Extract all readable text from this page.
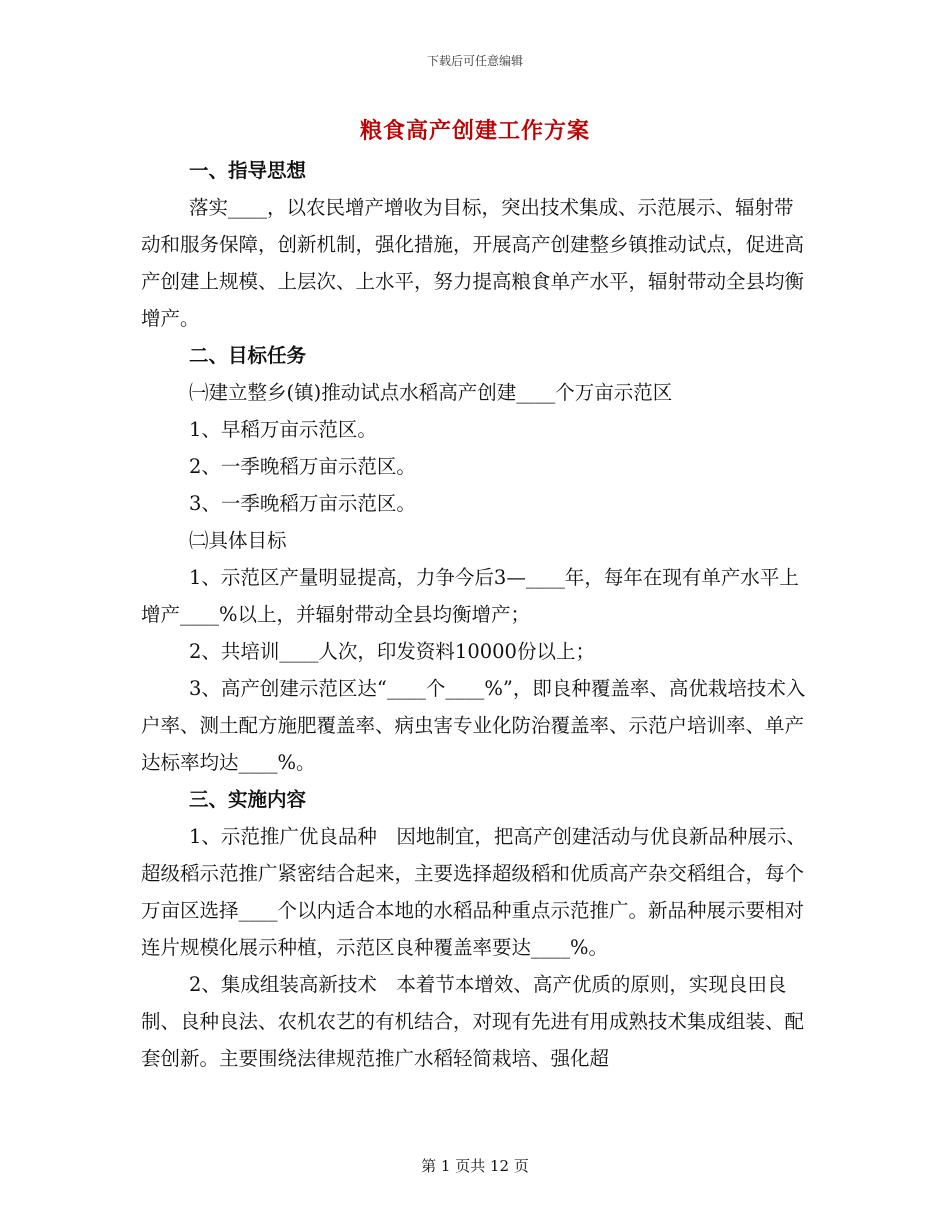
下载后可任意编辑
粮食高产创建工作方案

一、指导思想

落实____，以农民增产增收为目标，突出技术集成、示范展示、辐射带动和服务保障，创新机制，强化措施，开展高产创建整乡镇推动试点，促进高产创建上规模、上层次、上水平，努力提高粮食单产水平，辐射带动全县均衡增产。

二、目标任务

㈠建立整乡(镇)推动试点水稻高产创建____个万亩示范区

1、早稻万亩示范区。

2、一季晚稻万亩示范区。

3、一季晚稻万亩示范区。

㈡具体目标

1、示范区产量明显提高，力争今后3—____年，每年在现有单产水平上增产____%以上，并辐射带动全县均衡增产；

2、共培训____人次，印发资料10000份以上；

3、高产创建示范区达“____个____%”，即良种覆盖率、高优栽培技术入户率、测土配方施肥覆盖率、病虫害专业化防治覆盖率、示范户培训率、单产达标率均达____%。

三、实施内容

1、示范推广优良品种　因地制宜，把高产创建活动与优良新品种展示、超级稻示范推广紧密结合起来，主要选择超级稻和优质高产杂交稻组合，每个万亩区选择____个以内适合本地的水稻品种重点示范推广。新品种展示要相对连片规模化展示种植，示范区良种覆盖率要达____%。

2、集成组装高新技术　本着节本增效、高产优质的原则，实现良田良制、良种良法、农机农艺的有机结合，对现有先进有用成熟技术集成组装、配套创新。主要围绕法律规范推广水稻轻简栽培、强化超

第 1 页共 12 页
